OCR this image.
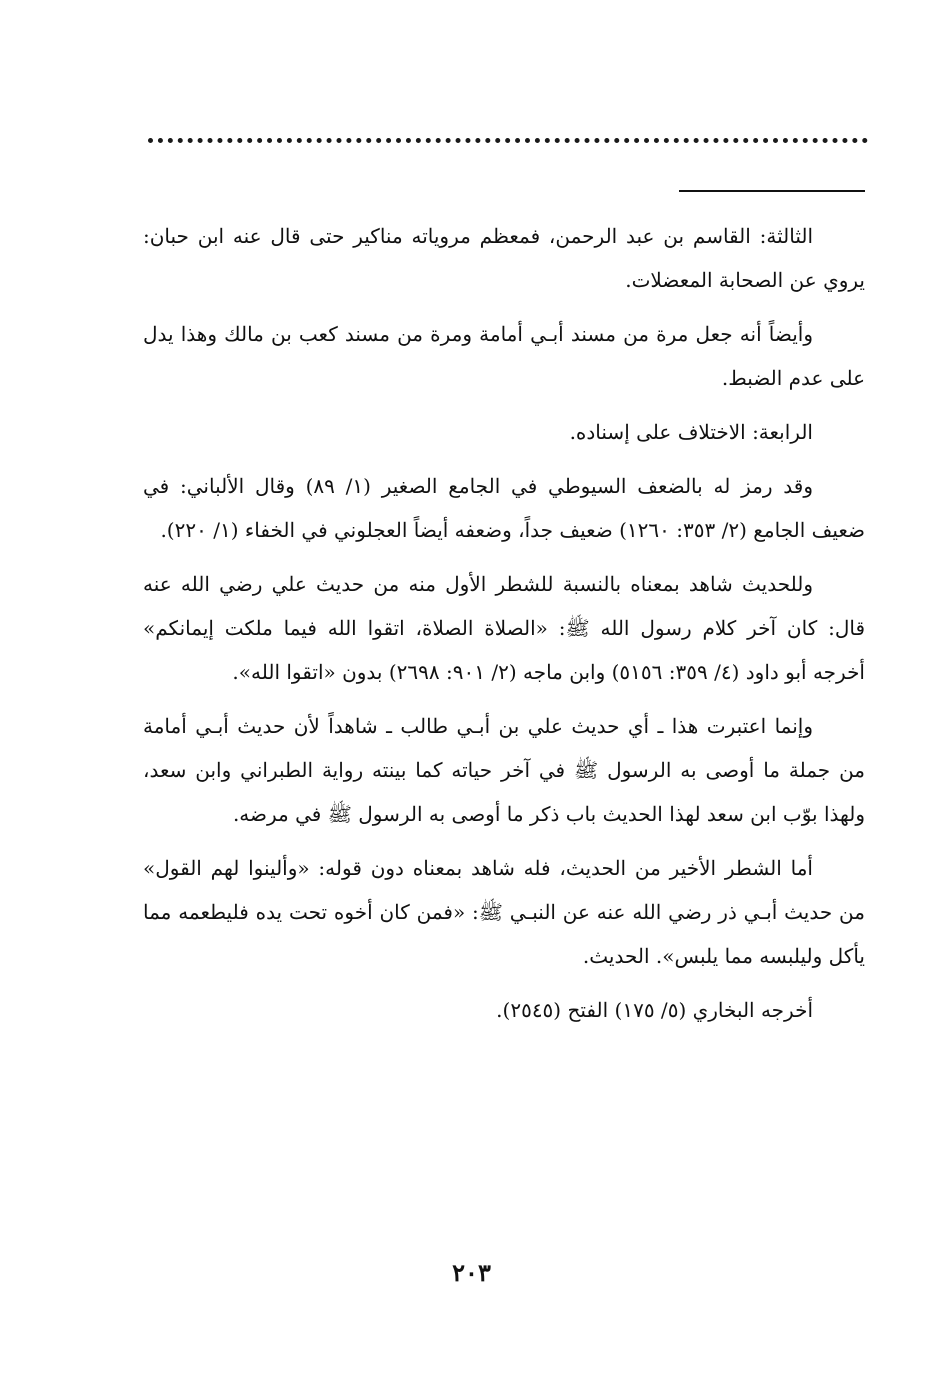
الثالثة: القاسم بن عبد الرحمن، فمعظم مروياته مناكير حتى قال عنه ابن حبان: يروي عن الصحابة المعضلات.

وأيضاً أنه جعل مرة من مسند أبـي أمامة ومرة من مسند كعب بن مالك وهذا يدل على عدم الضبط.

الرابعة: الاختلاف على إسناده.

وقد رمز له بالضعف السيوطي في الجامع الصغير (١/ ٨٩) وقال الألباني: في ضعيف الجامع (٢/ ٣٥٣: ١٢٦٠) ضعيف جداً، وضعفه أيضاً العجلوني في الخفاء (١/ ٢٢٠).

وللحديث شاهد بمعناه بالنسبة للشطر الأول منه من حديث علي رضي الله عنه قال: كان آخر كلام رسول الله ﷺ: «الصلاة الصلاة، اتقوا الله فيما ملكت إيمانكم» أخرجه أبو داود (٤/ ٣٥٩: ٥١٥٦) وابن ماجه (٢/ ٩٠١: ٢٦٩٨) بدون «اتقوا الله».

وإنما اعتبرت هذا ـ أي حديث علي بن أبـي طالب ـ شاهداً لأن حديث أبـي أمامة من جملة ما أوصى به الرسول ﷺ في آخر حياته كما بينته رواية الطبراني وابن سعد، ولهذا بوّب ابن سعد لهذا الحديث باب ذكر ما أوصى به الرسول ﷺ في مرضه.

أما الشطر الأخير من الحديث، فله شاهد بمعناه دون قوله: «وألينوا لهم القول» من حديث أبـي ذر رضي الله عنه عن النبـي ﷺ: «فمن كان أخوه تحت يده فليطعمه مما يأكل وليلبسه مما يلبس». الحديث.

أخرجه البخاري (٥/ ١٧٥) الفتح (٢٥٤٥).

٢٠٣
